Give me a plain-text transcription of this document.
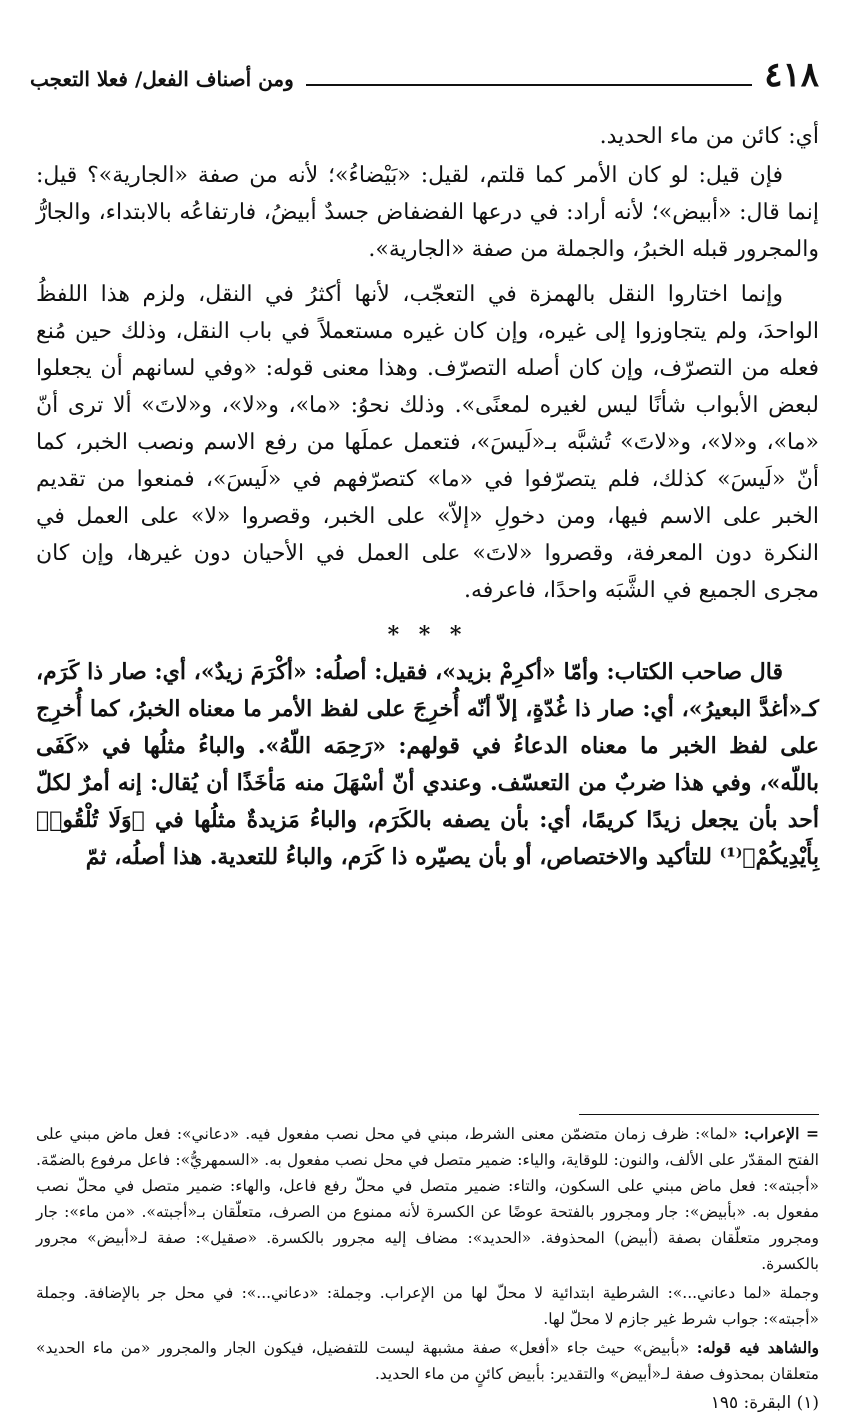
٤١٨
ومن أصناف الفعل/ فعلا التعجب

أي: كائن من ماء الحديد.

فإن قيل: لو كان الأمر كما قلتم، لقيل: «بَيْضاءُ»؛ لأنه من صفة «الجارية»؟ قيل: إنما قال: «أبيض»؛ لأنه أراد: في درعها الفضفاض جسدٌ أبيضُ، فارتفاعُه بالابتداء، والجارُّ والمجرور قبله الخبرُ، والجملة من صفة «الجارية».

وإنما اختاروا النقل بالهمزة في التعجّب، لأنها أكثرُ في النقل، ولزم هذا اللفظُ الواحدَ، ولم يتجاوزوا إلى غيره، وإن كان غيره مستعملاً في باب النقل، وذلك حين مُنع فعله من التصرّف، وإن كان أصله التصرّف. وهذا معنى قوله: «وفي لسانهم أن يجعلوا لبعض الأبواب شأنًا ليس لغيره لمعنًى». وذلك نحوُ: «ما»، و«لا»، و«لاتَ» ألا ترى أنّ «ما»، و«لا»، و«لاتَ» تُشبَّه بـ«لَيسَ»، فتعمل عملَها من رفع الاسم ونصب الخبر، كما أنّ «لَيسَ» كذلك، فلم يتصرّفوا في «ما» كتصرّفهم في «لَيسَ»، فمنعوا من تقديم الخبر على الاسم فيها، ومن دخولِ «إلاّ» على الخبر، وقصروا «لا» على العمل في النكرة دون المعرفة، وقصروا «لاتَ» على العمل في الأحيان دون غيرها، وإن كان مجرى الجميع في الشَّبَه واحدًا، فاعرفه.

* * *

قال صاحب الكتاب: وأمّا «أكرِمْ بزيد»، فقيل: أصلُه: «أكْرَمَ زيدٌ»، أي: صار ذا كَرَم، كـ«أغدَّ البعيرُ»، أي: صار ذا غُدّةٍ، إلاّ أنّه أُخرِجَ على لفظ الأمر ما معناه الخبرُ، كما أُخرِج على لفظ الخبر ما معناه الدعاءُ في قولهم: «رَحِمَه اللّهُ». والباءُ مثلُها في «كَفَى باللّه»، وفي هذا ضربٌ من التعسّف. وعندي أنّ أسْهَلَ منه مَأخَذًا أن يُقال: إنه أمرٌ لكلّ أحد بأن يجعل زيدًا كريمًا، أي: بأن يصفه بالكَرَم، والباءُ مَزيدةٌ مثلُها في ﴿وَلَا تُلْقُوا۟ بِأَيْدِيكُمْ﴾⁽¹⁾ للتأكيد والاختصاص، أو بأن يصيّره ذا كَرَم، والباءُ للتعدية. هذا أصلُه، ثمّ

= الإعراب: «لما»: ظرف زمان متضمّن معنى الشرط، مبني في محل نصب مفعول فيه. «دعاني»: فعل ماض مبني على الفتح المقدّر على الألف، والنون: للوقاية، والياء: ضمير متصل في محل نصب مفعول به. «السمهريُّ»: فاعل مرفوع بالضمّة. «أجبته»: فعل ماض مبني على السكون، والتاء: ضمير متصل في محلّ رفع فاعل، والهاء: ضمير متصل في محلّ نصب مفعول به. «بأبيض»: جار ومجرور بالفتحة عوضًا عن الكسرة لأنه ممنوع من الصرف، متعلّقان بـ«أجبته». «من ماء»: جار ومجرور متعلّقان بصفة (أبيض) المحذوفة. «الحديد»: مضاف إليه مجرور بالكسرة. «صقيل»: صفة لـ«أبيض» مجرور بالكسرة.

وجملة «لما دعاني...»: الشرطية ابتدائية لا محلّ لها من الإعراب. وجملة: «دعاني...»: في محل جر بالإضافة. وجملة «أجبته»: جواب شرط غير جازم لا محلّ لها.

والشاهد فيه قوله: «بأبيض» حيث جاء «أفعل» صفة مشبهة ليست للتفضيل، فيكون الجار والمجرور «من ماء الحديد» متعلقان بمحذوف صفة لـ«أبيض» والتقدير: بأبيض كائنٍ من ماء الحديد.

(١) البقرة: ١٩٥
